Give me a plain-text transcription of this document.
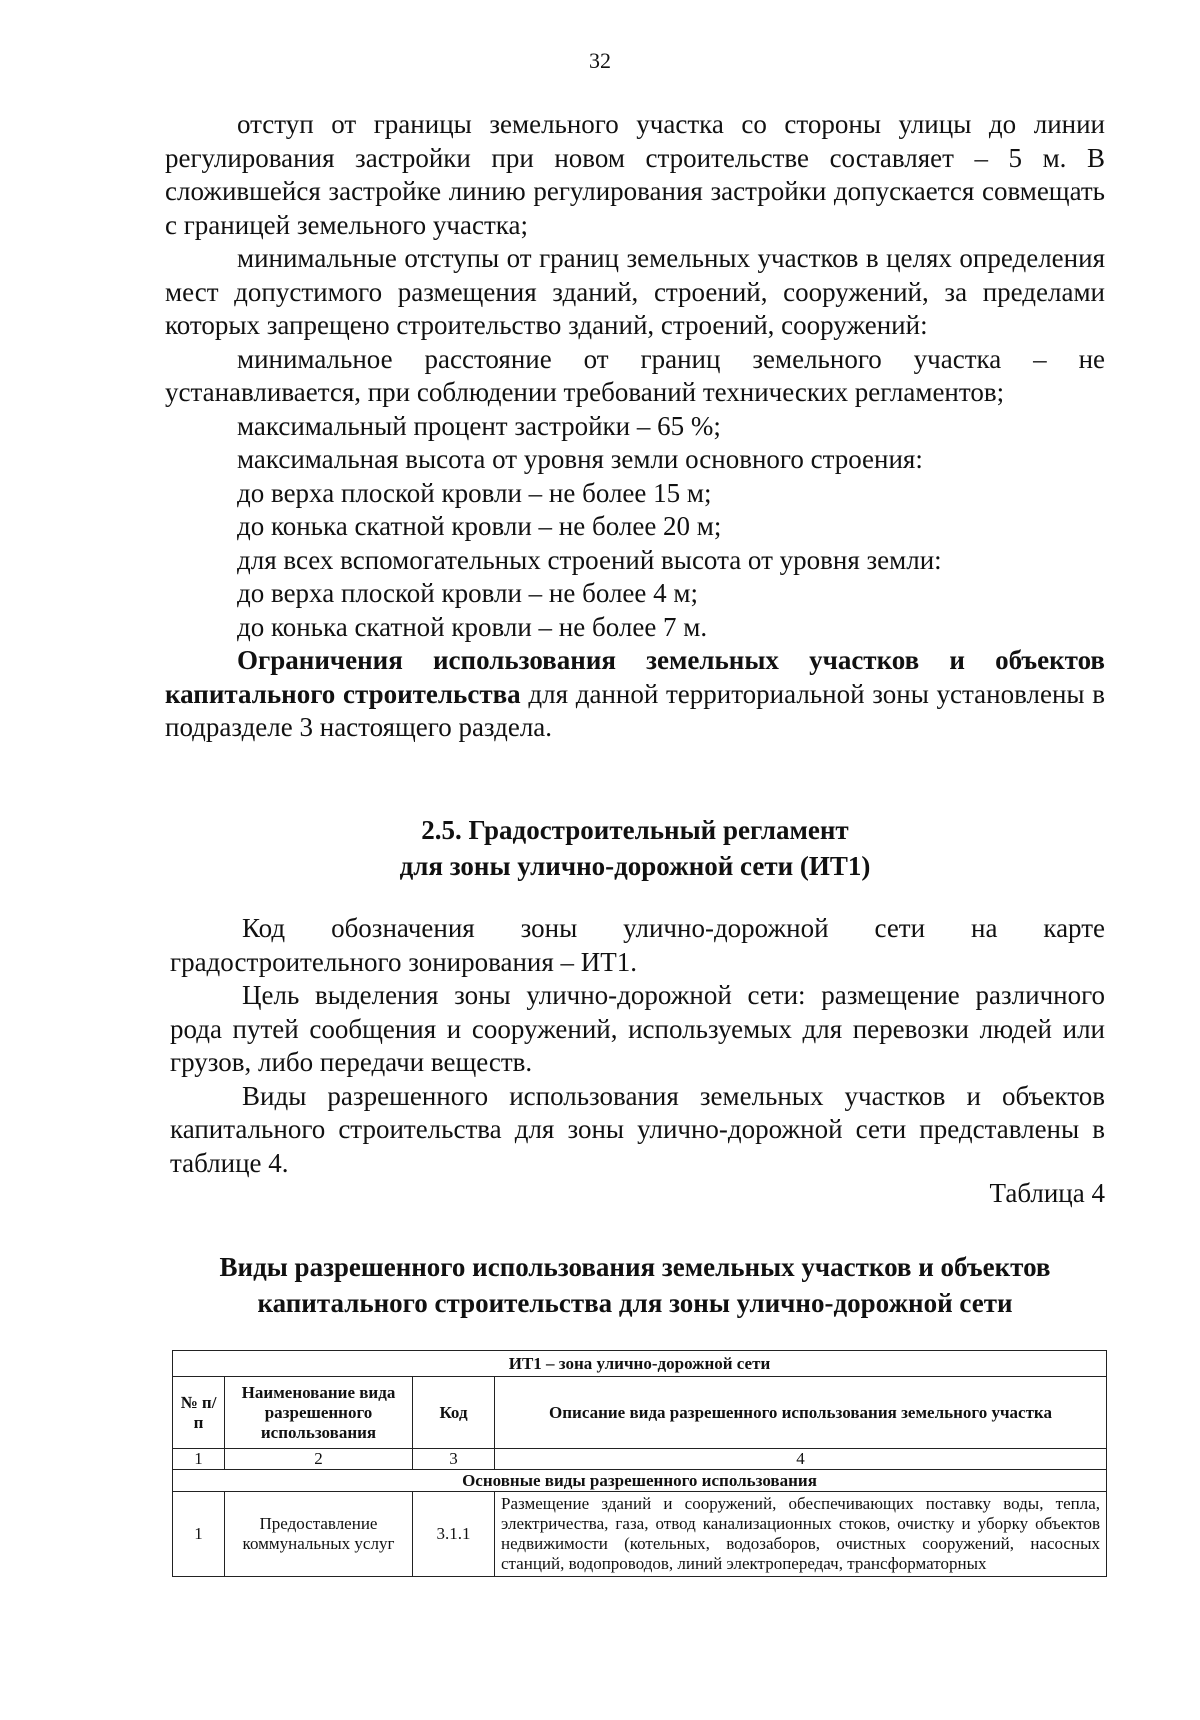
32

отступ от границы земельного участка со стороны улицы до линии регулирования застройки при новом строительстве составляет – 5 м. В сложившейся застройке линию регулирования застройки допускается совмещать с границей земельного участка;

минимальные отступы от границ земельных участков в целях определения мест допустимого размещения зданий, строений, сооружений, за пределами которых запрещено строительство зданий, строений, сооружений:

минимальное расстояние от границ земельного участка – не устанавливается, при соблюдении требований технических регламентов;

максимальный процент застройки – 65 %;

максимальная высота от уровня земли основного строения:

до верха плоской кровли – не более 15 м;

до конька скатной кровли – не более 20 м;

для всех вспомогательных строений высота от уровня земли:

до верха плоской кровли – не более 4 м;

до конька скатной кровли – не более 7 м.

Ограничения использования земельных участков и объектов капитального строительства для данной территориальной зоны установлены в подразделе 3 настоящего раздела.

2.5. Градостроительный регламент
для зоны улично-дорожной сети (ИТ1)

Код обозначения зоны улично-дорожной сети на карте градостроительного зонирования – ИТ1.

Цель выделения зоны улично-дорожной сети: размещение различного рода путей сообщения и сооружений, используемых для перевозки людей или грузов, либо передачи веществ.

Виды разрешенного использования земельных участков и объектов капитального строительства для зоны улично-дорожной сети представлены в таблице 4.

Таблица 4
Виды разрешенного использования земельных участков и объектов
капитального строительства для зоны улично-дорожной сети
ИТ1 – зона улично-дорожной сети			
№ п/п	Наименование вида разрешенного использования	Код	Описание вида разрешенного использования земельного участка
1	2	3	4
Основные виды разрешенного использования			
1	Предоставление коммунальных услуг	3.1.1	Размещение зданий и сооружений, обеспечивающих поставку воды, тепла, электричества, газа, отвод канализационных стоков, очистку и уборку объектов недвижимости (котельных, водозаборов, очистных сооружений, насосных станций, водопроводов, линий электропередач, трансформаторных
